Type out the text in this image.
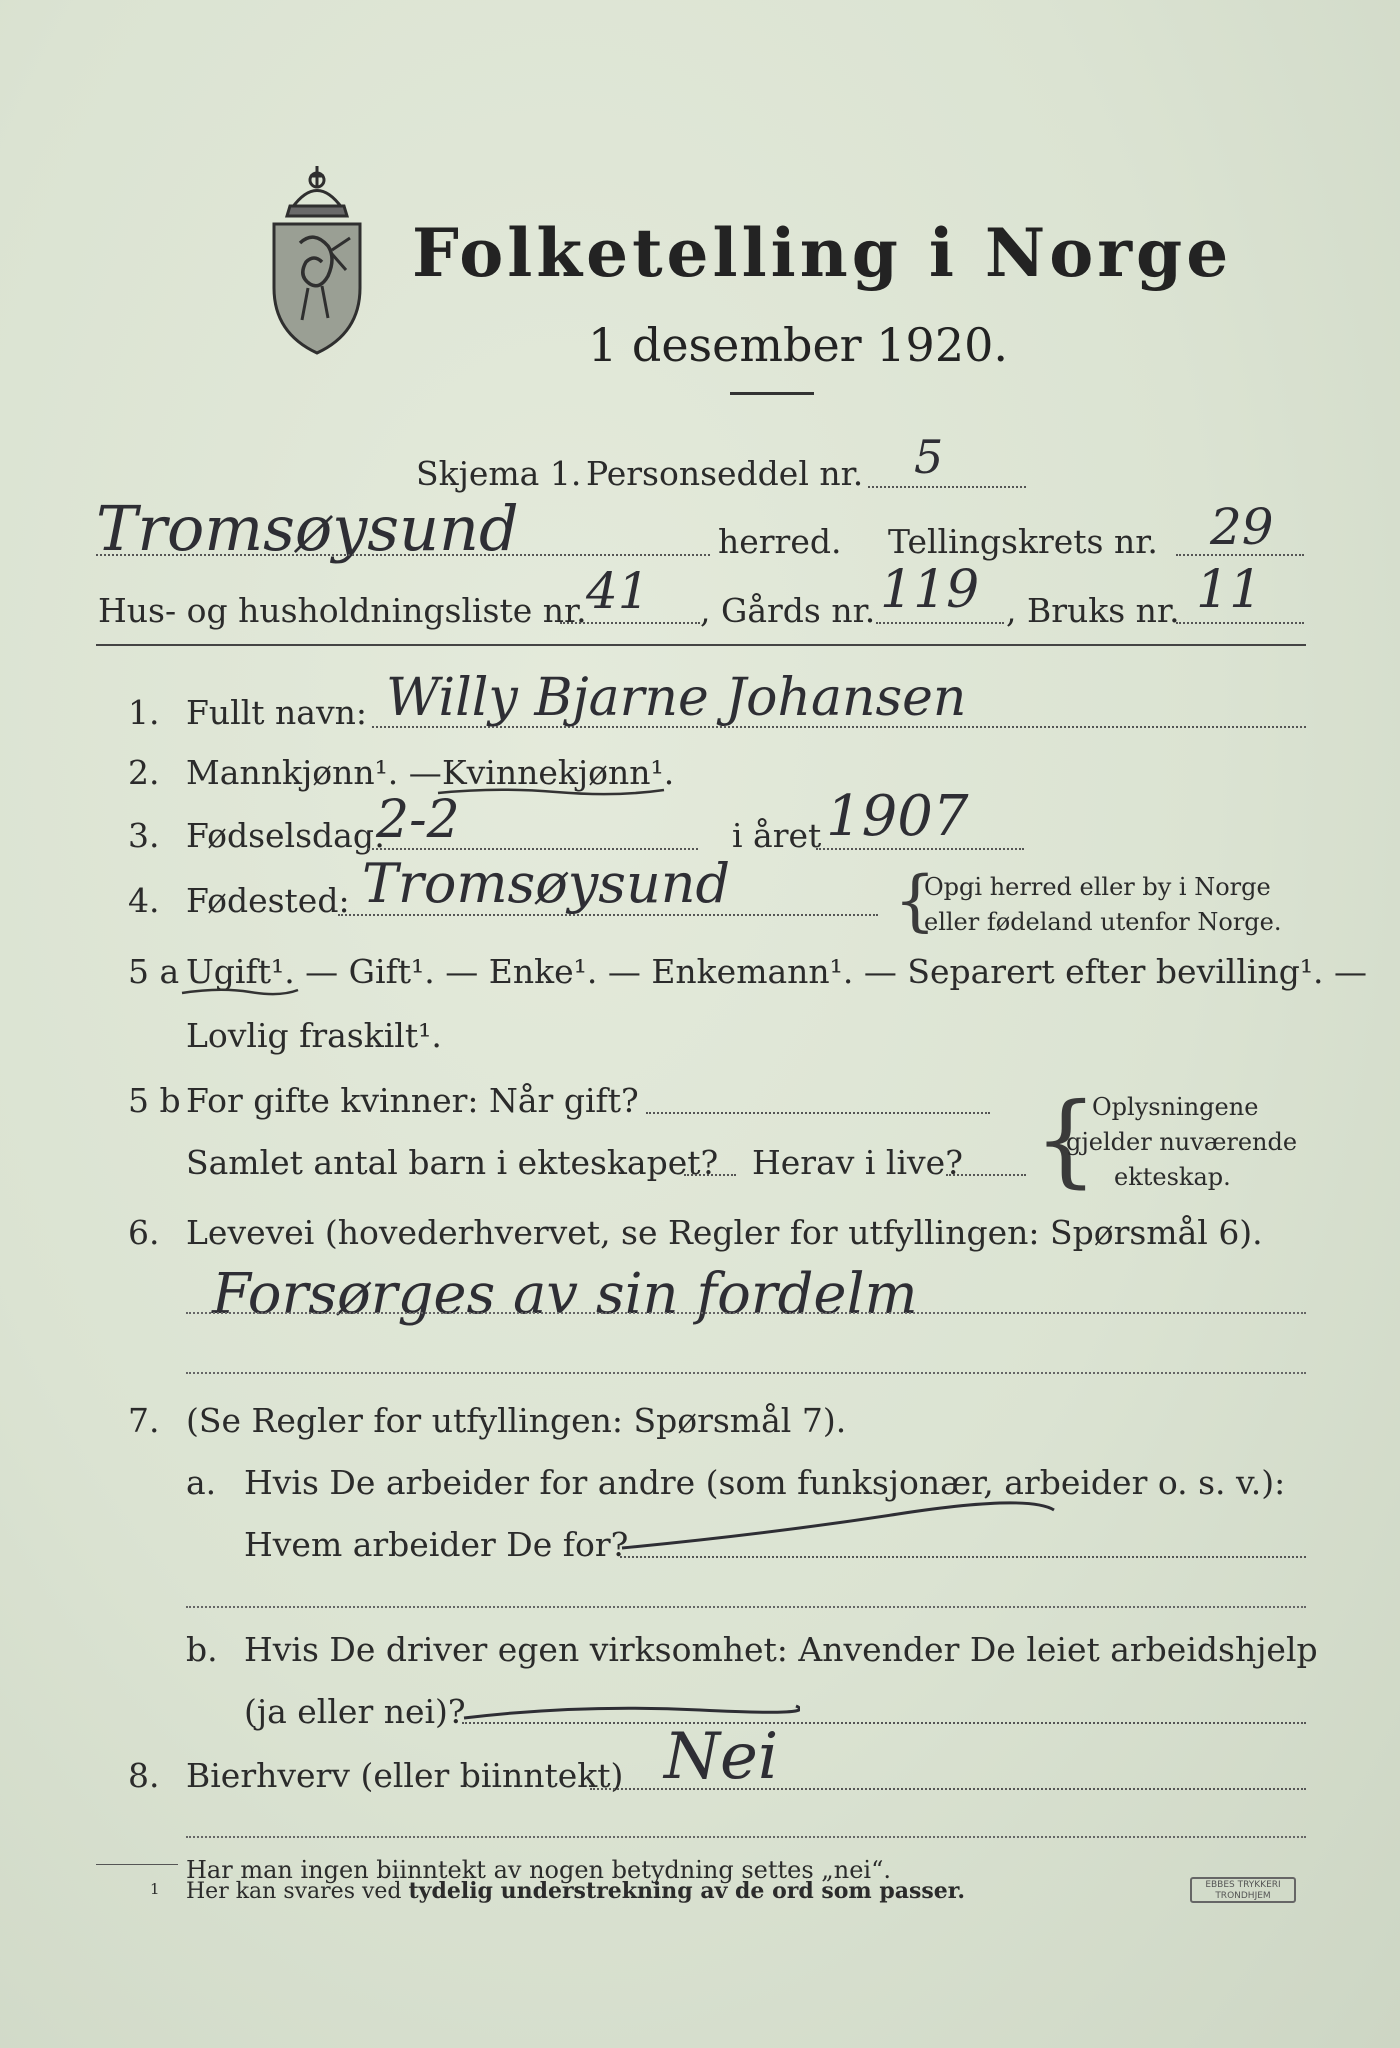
Folketelling i Norge
1 desember 1920.
Skjema 1. Personseddel nr. 5
Tromsøysund	herred. Tellingskrets nr. 29
Hus- og husholdningsliste nr. 41 , Gårds nr. 119 , Bruks nr. 11
1. Fullt navn: Willy Bjarne Johansen
2. Mannkjønn¹. — Kvinnekjønn¹.
3. Fødselsdag:
2-2	i året 1907
4. Fødested: Tromsøysund {
Opgi herred eller by i Norge
eller fødeland utenfor Norge.
5 a Ugift¹. — Gift¹. — Enke¹. — Enkemann¹. — Separert efter bevilling¹. —
Lovlig fraskilt¹.
5 b For gifte kvinner: Når gift?
Samlet antal barn i ekteskapet? Herav i live? {
Oplysningene
gjelder nuværende
ekteskap.
6. Levevei (hovederhvervet, se Regler for utfyllingen: Spørsmål 6).
Forsørges av sin fordelm
7. (Se Regler for utfyllingen: Spørsmål 7).
a. Hvis De arbeider for andre (som funksjonær, arbeider o. s. v.):
Hvem arbeider De for?
b. Hvis De driver egen virksomhet: Anvender De leiet arbeidshjelp
(ja eller nei)?
8. Bierhverv (eller biinntekt) Nei
Har man ingen biinntekt av nogen betydning settes „nei“.
1 Her kan svares ved tydelig understrekning av de ord som passer.	EBBES TRYKKERI
TRONDHJEM
